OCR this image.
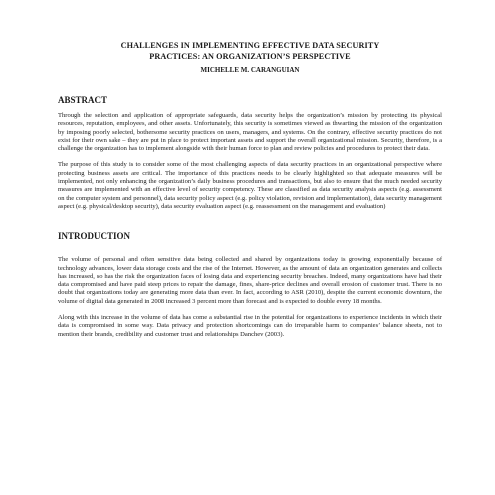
CHALLENGES IN IMPLEMENTING EFFECTIVE DATA SECURITY

PRACTICES: AN ORGANIZATION’S PERSPECTIVE

MICHELLE M. CARANGUIAN

ABSTRACT

Through the selection and application of appropriate safeguards, data security helps the organization’s mission by protecting its physical resources, reputation, employees, and other assets. Unfortunately, this security is sometimes viewed as thwarting the mission of the organization by imposing poorly selected, bothersome security practices on users, managers, and systems. On the contrary, effective security practices do not exist for their own sake – they are put in place to protect important assets and support the overall organizational mission. Security, therefore, is a challenge the organization has to implement alongside with their human force to plan and review policies and procedures to protect their data.

The purpose of this study is to consider some of the most challenging aspects of data security practices in an organizational perspective where protecting business assets are critical. The importance of this practices needs to be clearly highlighted so that adequate measures will be implemented, not only enhancing the organization’s daily business procedures and transactions, but also to ensure that the much needed security measures are implemented with an effective level of security competency. These are classified as data security analysis aspects (e.g. assessment on the computer system and personnel), data security policy aspect (e.g. policy violation, revision and implementation), data security management aspect (e.g. physical/desktop security), data security evaluation aspect (e.g. reassessment on the management and evaluation)

INTRODUCTION

The volume of personal and often sensitive data being collected and shared by organizations today is growing exponentially because of technology advances, lower data storage costs and the rise of the Internet. However, as the amount of data an organization generates and collects has increased, so has the risk the organization faces of losing data and experiencing security breaches. Indeed, many organizations have had their data compromised and have paid steep prices to repair the damage, fines, share-price declines and overall erosion of customer trust. There is no doubt that organizations today are generating more data than ever. In fact, according to ASR (2010), despite the current economic downturn, the volume of digital data generated in 2008 increased 3 percent more than forecast and is expected to double every 18 months.

Along with this increase in the volume of data has come a substantial rise in the potential for organizations to experience incidents in which their data is compromised in some way. Data privacy and protection shortcomings can do irreparable harm to companies’ balance sheets, not to mention their brands, credibility and customer trust and relationships Danchev (2003).
